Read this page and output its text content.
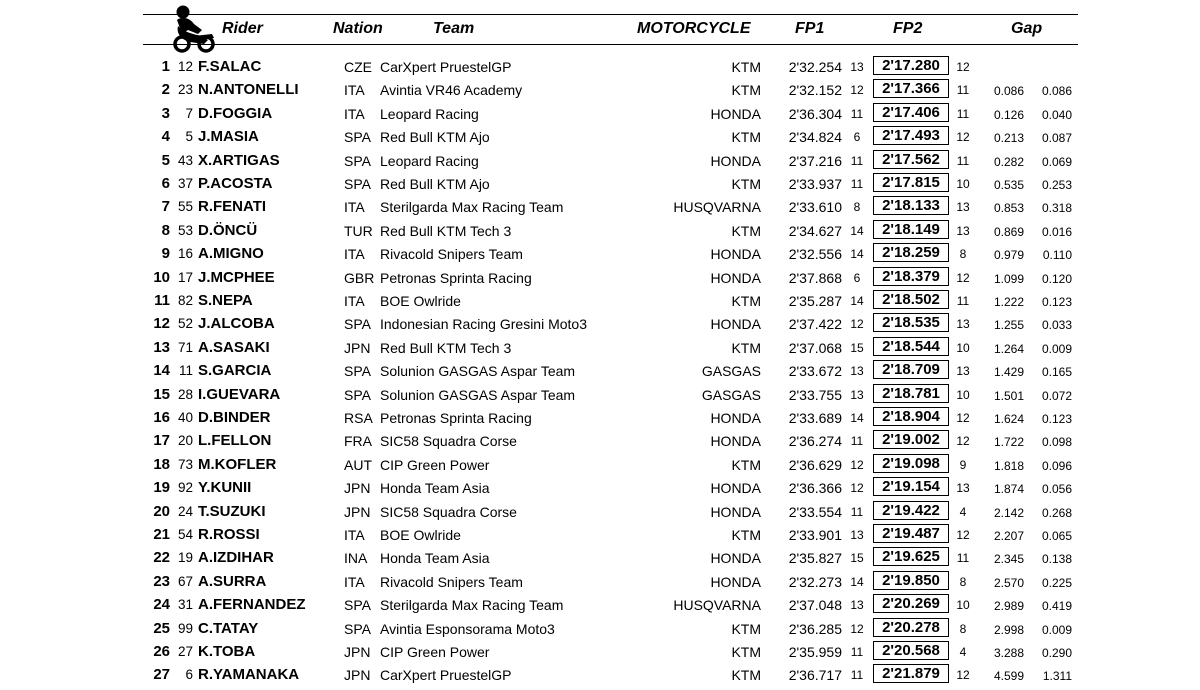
Rider	Nation	Team	MOTORCYCLE	FP1	FP2	Gap
1 12 F.SALAC	CZE CarXpert PruestelGP	KTM	2'32.254 13	2'17.280	12
2 23 N.ANTONELLI	ITA Avintia VR46 Academy	KTM	2'32.152 12	2'17.366	11	0.086	0.086
3	7 D.FOGGIA	ITA Leopard Racing	HONDA	2'36.304 11	2'17.406	11	0.126	0.040
4	5 J.MASIA	SPA Red Bull KTM Ajo	KTM	2'34.824 6	2'17.493	12	0.213	0.087
5 43 X.ARTIGAS	SPA Leopard Racing	HONDA	2'37.216 11	2'17.562	11	0.282	0.069
6 37 P.ACOSTA	SPA Red Bull KTM Ajo	KTM	2'33.937 11	2'17.815	10	0.535	0.253
7 55 R.FENATI	ITA Sterilgarda Max Racing Team	HUSQVARNA	2'33.610 8	2'18.133	13	0.853	0.318
8 53 D.ÖNCÜ	TUR Red Bull KTM Tech 3	KTM	2'34.627 14	2'18.149	13	0.869	0.016
9 16 A.MIGNO	ITA Rivacold Snipers Team	HONDA	2'32.556 14	2'18.259	8	0.979	0.110
10 17 J.MCPHEE	GBR Petronas Sprinta Racing	HONDA	2'37.868 6	2'18.379	12	1.099	0.120
11 82 S.NEPA	ITA BOE Owlride	KTM	2'35.287 14	2'18.502	11	1.222	0.123
12 52 J.ALCOBA	SPA Indonesian Racing Gresini Moto3	HONDA	2'37.422 12	2'18.535	13	1.255	0.033
13 71 A.SASAKI	JPN Red Bull KTM Tech 3	KTM	2'37.068 15	2'18.544	10	1.264	0.009
14 11 S.GARCIA	SPA Solunion GASGAS Aspar Team	GASGAS	2'33.672 13	2'18.709	13	1.429	0.165
15 28 I.GUEVARA	SPA Solunion GASGAS Aspar Team	GASGAS	2'33.755 13	2'18.781	10	1.501	0.072
16 40 D.BINDER	RSA Petronas Sprinta Racing	HONDA	2'33.689 14	2'18.904	12	1.624	0.123
17 20 L.FELLON	FRA SIC58 Squadra Corse	HONDA	2'36.274 11	2'19.002	12	1.722	0.098
18 73 M.KOFLER	AUT CIP Green Power	KTM	2'36.629 12	2'19.098	9	1.818	0.096
19 92 Y.KUNII	JPN Honda Team Asia	HONDA	2'36.366 12	2'19.154	13	1.874	0.056
20 24 T.SUZUKI	JPN SIC58 Squadra Corse	HONDA	2'33.554 11	2'19.422	4	2.142	0.268
21 54 R.ROSSI	ITA BOE Owlride	KTM	2'33.901 13	2'19.487	12	2.207	0.065
22 19 A.IZDIHAR	INA Honda Team Asia	HONDA	2'35.827 15	2'19.625	11	2.345	0.138
23 67 A.SURRA	ITA Rivacold Snipers Team	HONDA	2'32.273 14	2'19.850	8	2.570	0.225
24 31 A.FERNANDEZ	SPA Sterilgarda Max Racing Team	HUSQVARNA	2'37.048 13	2'20.269	10	2.989	0.419
25 99 C.TATAY	SPA Avintia Esponsorama Moto3	KTM	2'36.285 12	2'20.278	8	2.998	0.009
26 27 K.TOBA	JPN CIP Green Power	KTM	2'35.959 11	2'20.568	4	3.288	0.290
27	6 R.YAMANAKA	JPN CarXpert PruestelGP	KTM	2'36.717 11	2'21.879	12	4.599	1.311
